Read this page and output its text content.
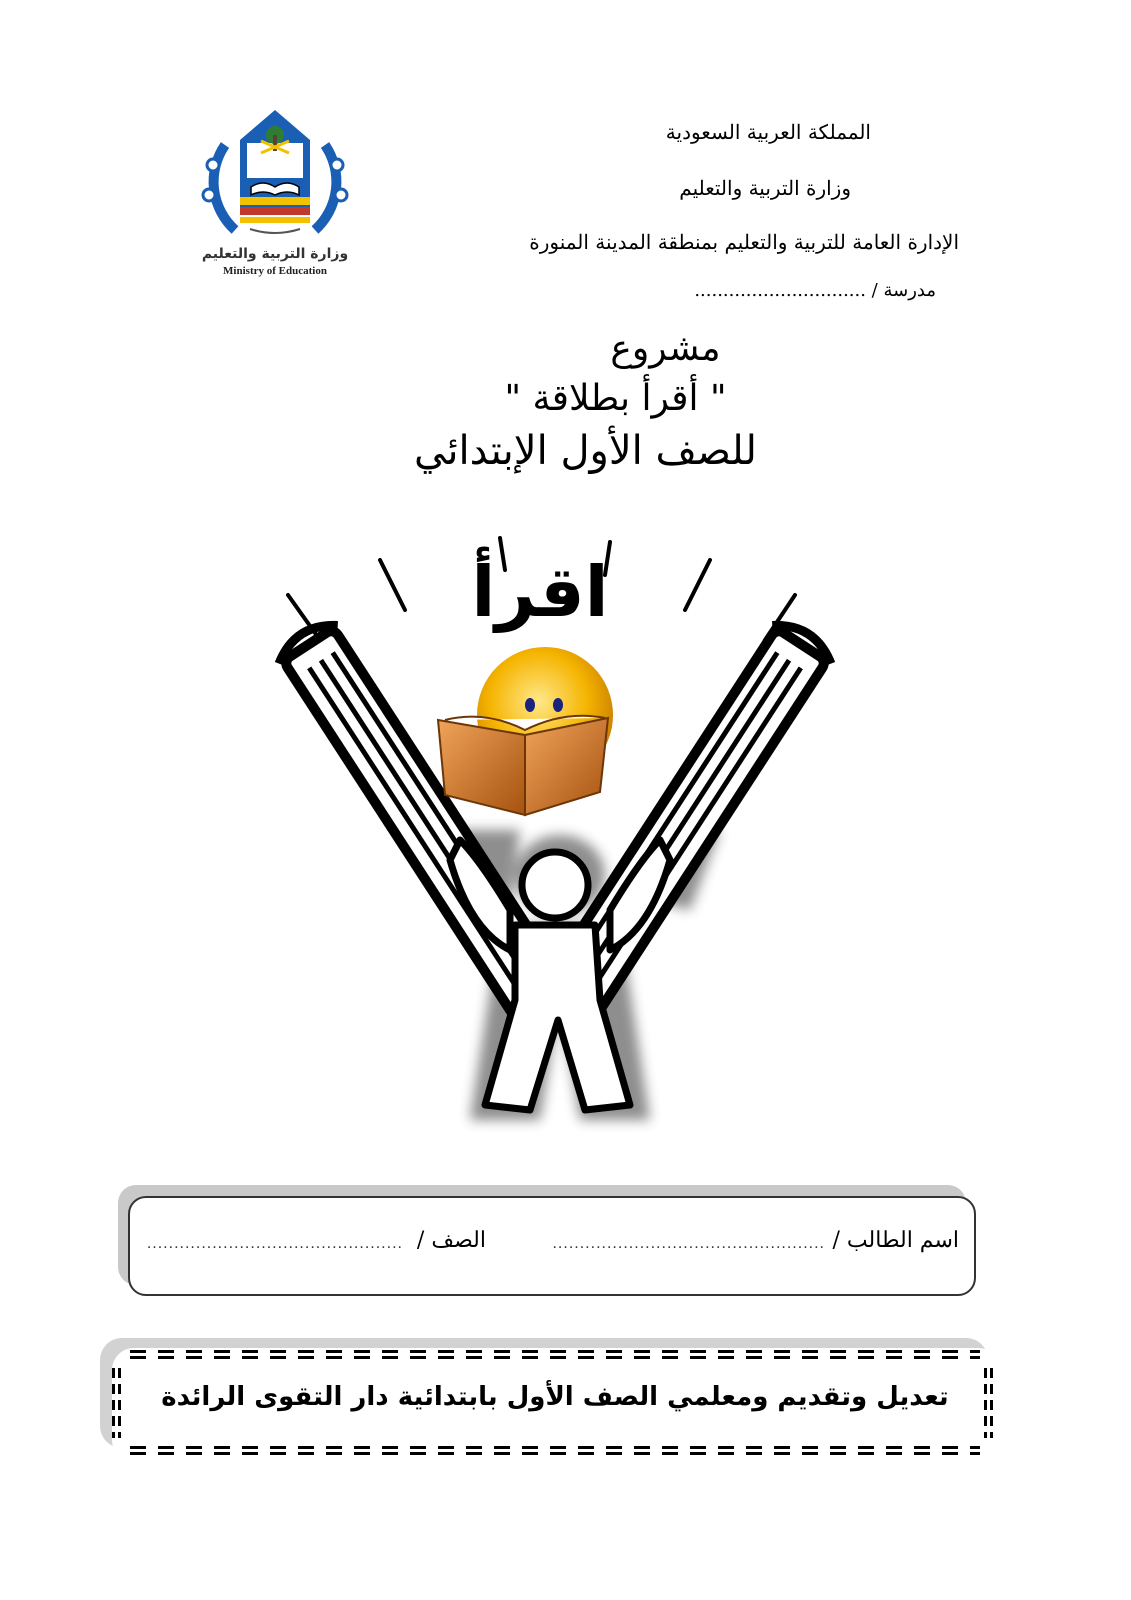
المملكة العربية السعودية
وزارة التربية والتعليم
الإدارة العامة للتربية والتعليم بمنطقة المدينة المنورة
مدرسة / ..............................
وزارة التربية والتعليم
Ministry of Education
مشروع
" أقرأ بطلاقة "
للصف الأول الإبتدائي
اقرأ
اسم الطالب /
..................................................
الصف /
...............................................
تعديل وتقديم ومعلمي الصف الأول بابتدائية دار التقوى الرائدة
